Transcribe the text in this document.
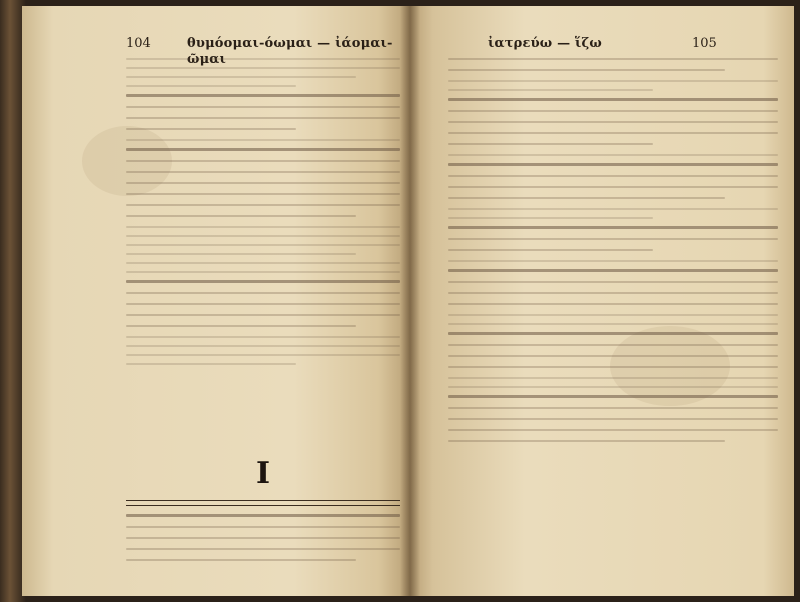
104	θυμόομαι-όωμαι — ἰάομαι-ῶμαι
I
ἰατρεύω — ἵζω	105
